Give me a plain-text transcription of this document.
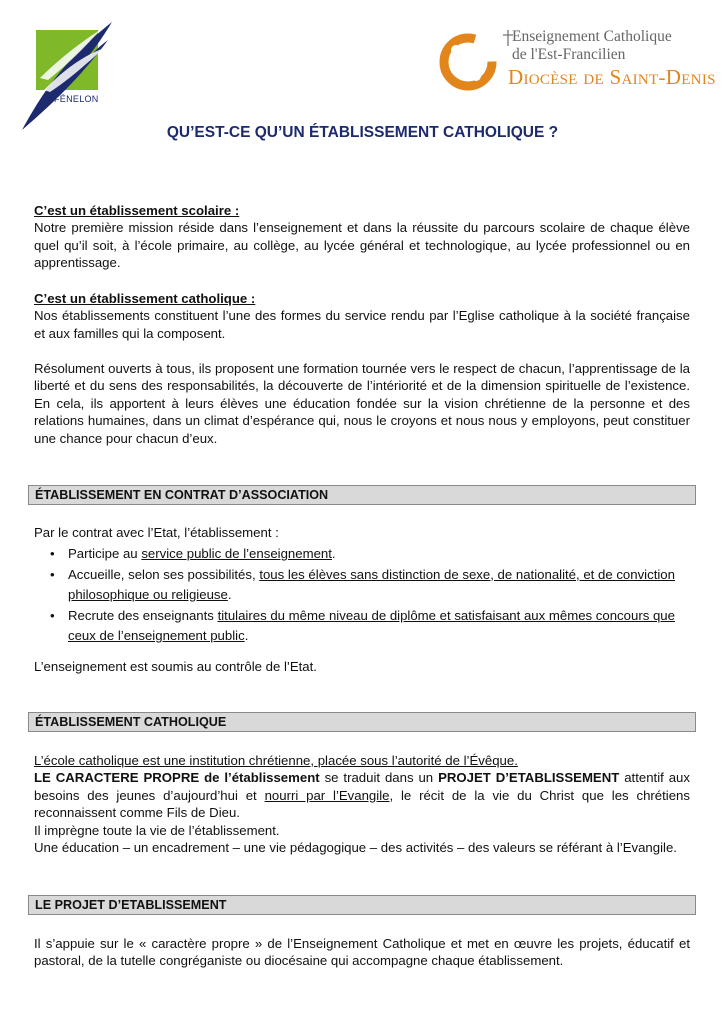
FÉNELON
Enseignement Catholique
de l'Est-Francilien
Diocèse de Saint-Denis
QU’EST-CE QU’UN ÉTABLISSEMENT CATHOLIQUE ?

C’est un établissement scolaire :

Notre première mission réside dans l’enseignement et dans la réussite du parcours scolaire de chaque élève quel qu’il soit, à l’école primaire, au collège, au lycée général et technologique, au lycée professionnel ou en apprentissage.

C’est un établissement catholique :

Nos établissements constituent l’une des formes du service rendu par l’Eglise catholique à la société française et aux familles qui la composent.

Résolument ouverts à tous, ils proposent une formation tournée vers le respect de chacun, l’apprentissage de la liberté et du sens des responsabilités, la découverte de l’intériorité et de la dimension spirituelle de l’existence. En cela, ils apportent à leurs élèves une éducation fondée sur la vision chrétienne de la personne et des relations humaines, dans un climat d’espérance qui, nous le croyons et nous nous y employons, peut constituer une chance pour chacun d’eux.

ÉTABLISSEMENT EN CONTRAT D’ASSOCIATION

Par le contrat avec l’Etat, l’établissement :

• Participe au service public de l’enseignement.
• Accueille, selon ses possibilités, tous les élèves sans distinction de sexe, de nationalité, et de conviction philosophique ou religieuse.
• Recrute des enseignants titulaires du même niveau de diplôme et satisfaisant aux mêmes concours que ceux de l’enseignement public.
L’enseignement est soumis au contrôle de l’Etat.
ÉTABLISSEMENT CATHOLIQUE

L’école catholique est une institution chrétienne, placée sous l’autorité de l’Évêque.

LE CARACTERE PROPRE de l’établissement se traduit dans un PROJET D’ETABLISSEMENT attentif aux besoins des jeunes d’aujourd’hui et nourri par l’Evangile, le récit de la vie du Christ que les chrétiens reconnaissent comme Fils de Dieu.

Il imprègne toute la vie de l’établissement.

Une éducation – un encadrement – une vie pédagogique – des activités – des valeurs se référant à l’Evangile.

LE PROJET D’ETABLISSEMENT

Il s’appuie sur le « caractère propre » de l’Enseignement Catholique et met en œuvre les projets, éducatif et pastoral, de la tutelle congréganiste ou diocésaine qui accompagne chaque établissement.
